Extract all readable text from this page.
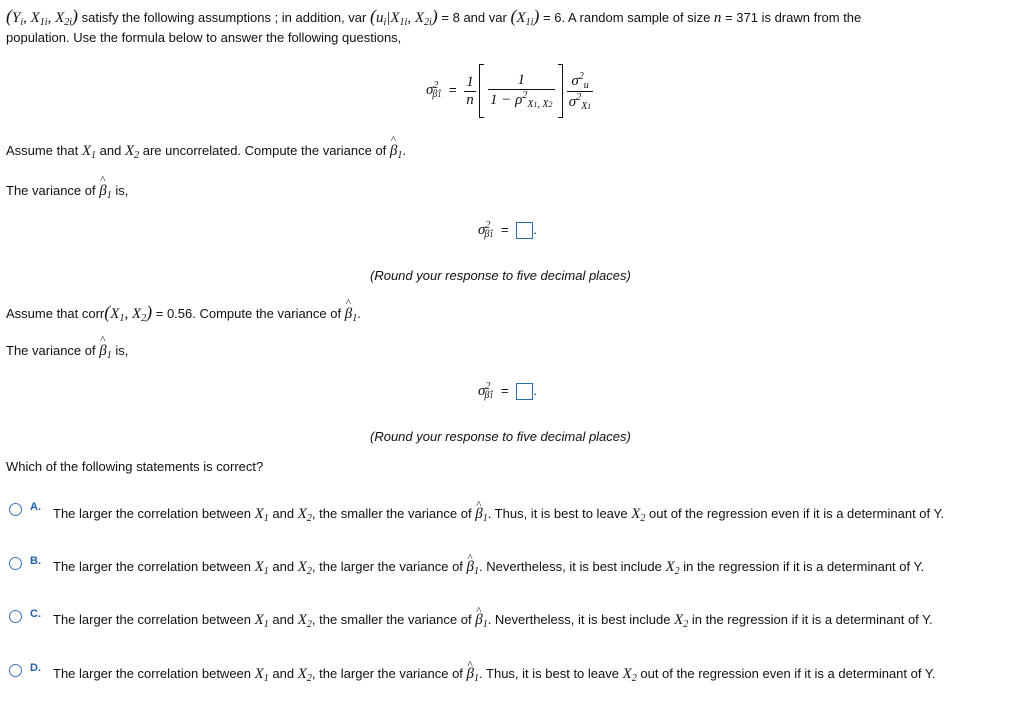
($Y_i$, $X_{1i}$, $X_{2i}$) satisfy the following assumptions ; in addition, var ($u_i|X_{1i}$, $X_{2i}) = 8$ and var $(X_{1i}) = 6$. A random sample of size n = 371 is drawn from the
population. Use the formula below to answer the following questions,
$\sigma^2_{\betâ1} = \frac{1}{n}$
$\frac{1}{1 - \rho^2_{X1, X2}}$
$\frac{\sigma^2_u}{\sigma^2_{X1}}$
Assume that $X_1$ and $X_2$ are uncorrelated. Compute the variance of ^ $\beta_1$.
The variance of ^ $\beta_1$ is,
$\sigma^2_{\betâ1}$ = .
(Round your response to five decimal places)
Assume that $corr(X_1$, $X_2) = 0.56$. Compute the variance of ^ $\beta_1$.
The variance of ^ $\beta_1$ is,
$\sigma^2_{\betâ1}$ = .
(Round your response to five decimal places)
Which of the following statements is correct?
A. The larger the correlation between $X_1$ and $X_2$, the smaller the variance of ^ $\beta_1$. Thus, it is best to leave $X_2$ out of the regression even if it is a determinant of Y.
B. The larger the correlation between $X_1$ and $X_2$, the larger the variance of ^ $\beta_1$. Nevertheless, it is best include $X_2$ in the regression if it is a determinant of Y.
C. The larger the correlation between $X_1$ and $X_2$, the smaller the variance of ^ $\beta_1$. Nevertheless, it is best include $X_2$ in the regression if it is a determinant of Y.
D. The larger the correlation between $X_1$ and $X_2$, the larger the variance of ^ $\beta_1$. Thus, it is best to leave $X_2$ out of the regression even if it is a determinant of Y.
